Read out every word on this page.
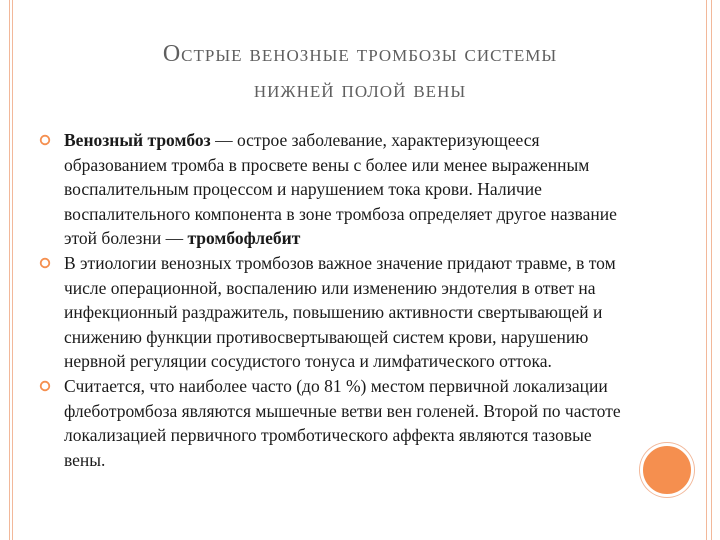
Острые венозные тромбозы системы
нижней полой вены
Венозный тромбоз — острое заболевание, характеризующееся образованием тромба в просвете вены с более или менее выраженным воспалительным процессом и нарушением тока крови. Наличие воспалительного компонента в зоне тромбоза определяет другое название этой болезни — тромбофлебит
В этиологии венозных тромбозов важное значение придают травме, в том числе операционной, воспалению или изменению эндотелия в ответ на инфекционный раздражитель, повышению активности свертывающей и снижению функции противосвертывающей систем крови, нарушению нервной регуляции сосудистого тонуса и лимфатического оттока.
Считается, что наиболее часто (до 81 %) местом первичной локализации флеботромбоза являются мышечные ветви вен голеней. Второй по частоте локализацией первичного тромботического аффекта являются тазовые вены.
